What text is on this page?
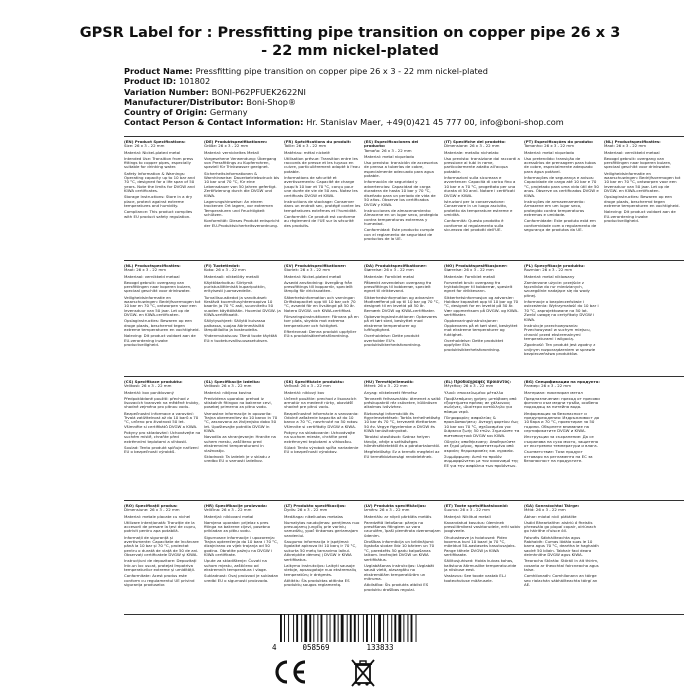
GPSR Label for : Pressfitting pipe transition on copper pipe 26 x 3
- 22 mm nickel-plated
Product Name: Pressfitting pipe transition on copper pipe 26 x 3 - 22 mm nickel-plated
Product ID: 101802
Variation Number: BONI-P62PFUEK2622NI
Manufacturer/Distributor: Boni-Shop®
Country of Origin: Germany
Contact Person & Contact Information: Hr. Stanislav Maer, +49(0)421 45 777 00, info@boni-shop.com
(EN) Product Specifications:

Size: 26 x 3 - 22 mm

Material: Nickel-plated metal

Intended Use: Transition from press fittings to copper pipes, especially suitable for drinking water.

Safety Information & Warnings: Operating capacity up to 10 bar and 70 °C, designed for a life span of 50 years. Note the limits for DVGW and KIWA certificates.

Storage Instructions: Store in a dry place, protect against extreme temperatures and humidity.

Compliance: This product complies with EU product safety regulation.

(DE) Produktspezifikationen:

Größe: 26 x 3 - 22 mm

Material: vernickeltes Metall

Vorgesehene Verwendung: Übergang von Pressfittings zu Kupferrohren, speziell für Trinkwasser geeignet.

Sicherheitsinformationen & Warnhinweise: Dauerbetriebsdruck bis 10 bar und 70 °C, für eine Lebensdauer von 50 Jahren gefertigt. Zertifizierung durch die DVGW und KIWA.

Lagerungshinweise: An einem trockenen Ort lagern, vor extremen Temperaturen und Feuchtigkeit schützen.

Konformität: Dieses Produkt entspricht der EU-Produktsicherheitsverordnung.

(FR) Spécifications du produit:

Taille: 26 x 3 - 22 mm

Matériau: métal nickelé

Utilisation prévue: Transition entre les raccords de presse et les tuyaux en cuivre, particulièrement adapté à l'eau potable.

Informations de sécurité et avertissements: Capacité de charge jusqu'à 10 bar et 70 °C, conçu pour une durée de vie de 50 ans. Notez les certificats DVGW et KIWA.

Instructions de stockage: Conserver dans un endroit sec, protégé contre les températures extrêmes et l'humidité.

Conformité: Ce produit est conforme au règlement de l'UE sur la sécurité des produits.

(ES) Especificaciones del producto:

Tamaño: 26 x 3 - 22 mm

Material: metal niquelado

Uso previsto: transición de accesorios de prensa a tuberías de cobre, especialmente adecuado para agua potable.

Información de seguridad y advertencias: Capacidad de carga duradera de hasta 10 bar y 70 °C, diseñado para un periodo de vida de 50 años. Observe los certificados DVGW y KIWA.

Instrucciones de almacenamiento: Almacene en un lugar seco, protegido contra temperaturas extremas y humedad.

Conformidad: Este producto cumple con el reglamento de seguridad de productos de la UE.

(IT) Specifiche del prodotto:

Dimensione: 26 x 3 - 22 mm

Materiale: metallo nichelato

Uso previsto: transizione dai raccordi a pressione ai tubi in rame, particolarmente adatto all'acqua potabile.

Informazioni sulla sicurezza e avvertenze: Capacità di carico fino a 10 bar e a 70 °C, progettato per una durata di 50 anni. Notare i certificati DVGW e KIWA.

Istruzioni per la conservazione: Conservare in un luogo asciutto, protetto da temperature estreme e umidità.

Conformità: Questo prodotto è conforme al regolamento sulla sicurezza dei prodotti dell'UE.

(PT) Especificações do produto:

Tamanho: 26 x 3 - 22 mm

Material: metal niquelado

Uso pretendido: transição de acessórios de prensagem para tubos de cobre, especialmente adequado para água potável.

Informações de segurança e avisos: Capacidade de carga até 10 bar e 70 °C, projetado para uma vida útil de 50 anos. Observe os certificados DVGW e KIWA.

Instruções de armazenamento: Armazene em um lugar seco, protegido contra temperaturas extremas e umidade.

Conformidade: Este produto está em conformidade com o regulamento de segurança de produtos da UE.

(NL) Productspecificaties:

Maat: 26 x 3 - 22 mm

Materiaal: vernikkeld metaal

Beoogd gebruik: overgang van persfittingen naar koperen buizen, speciaal geschikt voor drinkwater.

Veiligheidsinformatie en waarschuwingen: Bedrijfsvermogen tot 10 bar en 70 °C, ontworpen voor een levensduur van 50 jaar. Let op de DVGW- en KIWA-certificaten.

Opslaginstructies: Bewaren op een droge plaats, beschermd tegen extreme temperaturen en vochtigheid.

Naleving: Dit product voldoet aan de EU-verordening inzake productveiligheid.

(NL) Productspecificaties:

Maat: 26 x 3 - 22 mm

Materiaal: vernikkeld metaal

Beoogd gebruik: overgang van persfittingen naar koperen buizen, speciaal geschikt voor drinkwater.

Veiligheidsinformatie en waarschuwingen: Bedrijfsvermogen tot 10 bar en 70 °C, ontworpen voor een levensduur van 50 jaar. Let op de DVGW- en KIWA-certificaten.

Opslaginstructies: Bewaren op een droge plaats, beschermd tegen extreme temperaturen en vochtigheid.

Naleving: Dit product voldoet aan de EU-verordening inzake productveiligheid.

(FI) Tuotetiedot:

Koko: 26 x 3 - 22 mm

Materiaali: nikkelöity metalli

Käyttötarkoitus: Siirtymä puristusliittimistä kupariputkiin, erityisesti juomavedelle.

Turvallisuustiedot ja varoitukset: Kestävä kuormitusyhteensopiva 10 baariin ja 70 °C asti, suunniteltu 50 vuoden käyttöikään. Huomioi DVGW- ja KIWA-sertifikaatit.

Säilytysohjeet: Säilytä kuivassa paikassa, suojaa äärimmäisiltä lämpötiloilta ja kosteudelta.

Yhdenmukaisuus: Tämä tuote täyttää EU:n tuoteturvallisuusasetuksen.

(SV) Produktspecifikationer:

Storlek: 26 x 3 - 22 mm

Material: Nickel-plated metall

Avsedd användning: övergång från pressfittings till kopparrör, speciellt lämplig för dricksvatten.

Säkerhetsinformation och varningar: Driftskapacitet upp till 10 bar och 70 °C, avsedd för en livslängd på 50 år. Notera DVGW- och KIWA-certifikat.

Förvaringsinstruktioner: Förvara på en torr plats, skydda mot extrema temperaturer och fuktighet.

Efterlevnad: Denna produkt uppfyller EU:s produktsäkerhetsförordning.

(DA) Produktspecifikationer:

Størrelse: 26 x 3 - 22 mm

Materiale: Forniklet metal

Påtænkt anvendelse: overgang fra pressfittings til kobberrør, specielt egnet til drikkevand.

Sikkerhedsinformation og advarsler: Modtræffend på op til 10 bar og 70 °C, designet til en levetid på 50 år. Bemærk DVGW og KIWA-certifikater.

Opbevaringsinstruktioner: Opbevares på et tørt sted, beskyttet mod ekstreme temperaturer og luftfugtighed.

Overholdelse: Dette produkt overholder EU's produktsikkerhedsforordning.

(NO) Produktspesifikasjoner:

Størrelse: 26 x 3 - 22 mm

Materiale: Forniklet metall

Forventet bruk: overgang fra trykkoblinger til kobberrør, spesielt egnet for drikkevann.

Sikkerhetsinformasjon og advarsler: Holdbar kapasitet opp til 10 bar og 70 °C, designet for en levetid på 50 år. Vær oppmerksom på DVGW- og KIWA-sertifikater.

Oppbevaringsinstruksjoner: Oppbevares på et tørt sted, beskyttet mot ekstreme temperaturer og fuktighet.

Overholdelse: Dette produktet oppfyller EUs produktsikkerhetsforordning.

(PL) Specyfikacje produktu:

Rozmiar: 26 x 3 - 22 mm

Materiał: metal niklowany

Zamierzone użycie: przejście z łączników do rur miedzianych, szczególnie nadające się do wody pitnej.

Informacje o bezpieczeństwie i ostrzeżenia: Wytrzymałość do 10 bar i 70 °C, zaprojektowane na 50 lat. Zwróć uwagę na certyfikaty DVGW i KIWA.

Instrukcje przechowywania: Przechowywać w suchym miejscu, chronić przed ekstremalnymi temperaturami i wilgocią.

Zgodność: Ten produkt jest zgodny z unijnym rozporządzeniem w sprawie bezpieczeństwa produktów.

(CS) Specifikace produktu:

Velikost: 26 x 3 - 22 mm

Materiál: kov poniklovaný

Předpokládané použití: přechod z lisovacích tvarovek na měděné trubky, vhodné zejména pro pitnou vodu.

Bezpečnostní informace a varování: Trvalá zatížitelnost až do 10 barů a 70 °C, určeno pro životnost 50 let. Všimněte si certifikátů DVGW a KIWA.

Pokyny pro skladování: Uchovávejte na suchém místě, chraňte před extrémními teplotami a vlhkostí.

Soulad: Tento produkt splňuje nařízení EU o bezpečnosti výrobků.

(SL) Specifikacije izdelka:

Velikost: 26 x 3 - 22 mm

Material: nikljeva kovina

Predvidena uporaba: prehod iz stiskalnih fitingov na bakrene cevi, posebej primerna za pitno vodo.

Varnostne informacije in opozorila: Trajna obremenitev do 10 barov in 70 °C, zasnovano za življenjsko dobo 50 let. Upoštevajte potrdila DVGW in KIWA.

Navodila za shranjevanje: Hranite na suhem mestu, zaščiteno pred ekstremnimi temperaturami in vlažnostjo.

Skladnost: Ta izdelek je v skladu z uredbo EU o varnosti izdelkov.

(SK) Špecifikácie produktu:

Veľkosť: 26 x 3 - 22 mm

Materiál: niklový kov

Určené použitie: prechod z lisovacích armatúr na medené rúrky, obzvlášť vhodné pre pitnú vodu.

Bezpečnostné informácie a varovania: Odolné zaťaženie kapacita až do 10 barov a 70 °C, navrhnuté na 50 rokov. Všimnite si certifikáty DVGW a KIWA.

Pokyny na skladovanie: Uchovávajte na suchom mieste, chráňte pred extrémnymi teplotami a vlhkosťou.

Súlad: Tento výrobok spĺňa nariadenie EÚ o bezpečnosti výrobkov.

(HU) Termékjellemzők:

Méret: 26 x 3 - 22 mm

Anyag: nikkelezett fémrész

Tervezett felhasználás: átmenet a saltó préskupakról réz csövekre, különösen alkalmas ivóvízhez.

Biztonsági információk és figyelmeztetések: Tartós terhelhetőség 10 bar és 70 °C, tervezett élettartam 50 év. Vegye figyelembe a DVGW és KIWA tanúsítványokat.

Tárolási utasítások: Száraz helyen tárolja, védje a szélsőséges hőmérsékletektől és a páratartalomtól.

Megfelelőség: Ez a termék megfelel az EU termékbiztonsági rendeletének.

(EL) Προδιαγραφές προϊόντος:

Μέγεθος: 26 x 3 - 22 mm

Υλικό: επινικελωμένο μέταλλο

Προβλεπόμενη χρήση: μετάβαση από εξαρτήματα πρέσας σε χάλκινους σωλήνες, ιδιαίτερα κατάλληλο για πόσιμο νερό.

Πληροφορίες ασφαλείας & προειδοποιήσεις: Αντοχή φορτίου έως 10 bar και 70 °C, σχεδιασμένο για διάρκεια ζωής 50 ετών. Σημειώστε τα πιστοποιητικά DVGW και KIWA.

Οδηγίες αποθήκευσης: Αποθηκεύστε σε ξηρό μέρος, προστατευμένο από ακραίες θερμοκρασίες και υγρασία.

Συμμόρφωση: Αυτό το προϊόν συμμορφώνεται με τον κανονισμό της ΕΕ για την ασφάλεια των προϊόντων.

(BG) Спецификации на продукта:

Размер: 26 x 3 - 22 mm

Материал: никелиран метал

Предназначение: преход от пресови фитинги към медни тръби, особено подходящ за питейна вода.

Информация за безопасност и предупреждения: Издръжливост до 10 бара и 70 °C, проектиран за 50 години. Обърнете внимание на сертификатите DVGW и KIWA.

Инструкции за съхранение: Да се съхранява на сухо място, защитено от екстремни температури и влага.

Съответствие: Този продукт отговаря на регламента на ЕС за безопасност на продуктите.

(RO) Specificații produs:

Dimensiune: 26 x 3 - 22 mm

Material: metale placate cu nichel

Utilizare intenționată: Tranziție de la accesorii de presare la țevi de cupru, potrivit pentru apa potabilă.

Informații de siguranță și avertismente: Capacitate de încărcare până la 10 bar și 70 °C, proiectat pentru o durată de viață de 50 de ani. Observați certificatele DVGW și KIWA.

Instrucțiuni de depozitare: Depozitați într-un loc uscat, protejat împotriva temperaturilor extreme și umidității.

Conformitate: Acest produs este conform cu regulamentul UE privind siguranța produselor.

(HR) Specifikacije proizvoda:

Veličina: 26 x 3 - 22 mm

Materijal: niklovani metal

Namjena uporabe: prijelaz s pres fitinga na bakrene cijevi, posebno prikladan za pitku vodu.

Sigurnosne informacije i upozorenja: Trajna opterećenja do 10 bara i 70 °C, dizajnirano za vijek trajanja od 50 godina. Obratite pažnju na DVGW i KIWA certifikate.

Upute za skladištenje: Čuvati na suhom mjestu, zaštićeno od ekstremnih temperatura i vlage.

Sukladnost: Ovaj proizvod je sukladan uredbi EU o sigurnosti proizvoda.

(LT) Produkto specifikacijos:

Dydis: 26 x 3 - 22 mm

Medžiaga: nikeliuotas metalas

Numatytas naudojimas: perėjimas nuo presuojamų jungčių prie varinių vamzdžių, ypač tinkamas geriamajam vandeniui.

Saugumo informacija ir įspėjimai: Ilgalaikė apkrova iki 10 barų ir 70 °C, sukurta 50 metų tarnavimo laikui. Atkreipkite dėmesį į DVGW ir KIWA sertifikatus.

Laikymo instrukcijos: Laikyti sausoje vietoje, apsaugotoje nuo ekstremalių temperatūrų ir drėgmės.

Atitiktis: Šis produktas atitinka ES produktų saugos reglamentą.

(LV) Produkta specifikācijas:

Izmērs: 26 x 3 - 22 mm

Materiāls: ar niķeli pārklāts metāls

Paredzētā lietošana: pāreja no presēšanas fitingiem uz vara caurulēm, īpaši piemērota dzeramajam ūdenim.

Drošības informācija un brīdinājumi: Ilgstoša slodze līdz 10 bāriem un 70 °C, paredzēts 50 gadu kalpošanas laikam. Ievērojiet DVGW un KIWA sertifikātus.

Uzglabāšanas instrukcijas: Uzglabāt sausā vietā, aizsargātu no ekstremālām temperatūrām un mitruma.

Atbilstība: Šis produkts atbilst ES produktu drošības regulai.

(ET) Toote spetsifikatsioonid:

Suurus: 26 x 3 - 22 mm

Materjal: Niklitud metall

Kavandatud kasutus: üleminek pressliitmikest vasktorudele, eriti sobiv joogiveele.

Ohutusteave ja hoiatused: Pidev koormus kuni 10 baari ja 70 °C, mõeldud 50-aastaseks kasutusajaks. Pange tähele DVGW ja KIWA sertifikaate.

Säilitusjuhised: Hoida kuivas kohas, kaitstuna äärmuslike temperatuuride ja niiskuse eest.

Vastavus: See toode vastab EL-i tooteohutuse määrusele.

(GA) Sonraíochtaí Táirge:

Méid: 26 x 3 - 22 mm

Ábhar: miotal nicil plátáilte

Úsáid Bheartaithe: aistriú ó fheistis phreasála go píopaí copair, oiriúnach go háirithe d'uisce óil.

Faisnéis Sábháilteachta agus Rabhaidh: Cumas lódála suas le 10 barra agus 70 °C, deartha le haghaidh saolré 50 bliain. Tabhair faoi deara deimhnithe DVGW agus KIWA.

Treoracha Stórála: Stóráil in áit thirim, cosanta ar theochtaí foircneacha agus taise.

Comhlíonadh: Comhlíonann an táirge seo rialachán sábháilteachta táirgí an AE.

4	058569	133833
